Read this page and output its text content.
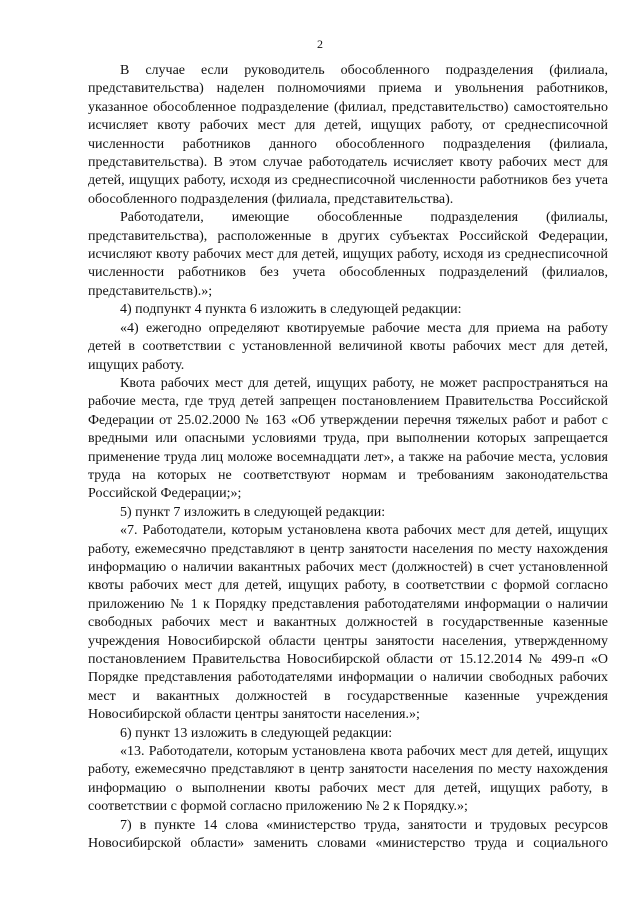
2

В случае если руководитель обособленного подразделения (филиала, представительства) наделен полномочиями приема и увольнения работников, указанное обособленное подразделение (филиал, представительство) самостоятельно исчисляет квоту рабочих мест для детей, ищущих работу, от среднесписочной численности работников данного обособленного подразделения (филиала, представительства). В этом случае работодатель исчисляет квоту рабочих мест для детей, ищущих работу, исходя из среднесписочной численности работников без учета обособленного подразделения (филиала, представительства).

Работодатели, имеющие обособленные подразделения (филиалы, представительства), расположенные в других субъектах Российской Федерации, исчисляют квоту рабочих мест для детей, ищущих работу, исходя из среднесписочной численности работников без учета обособленных подразделений (филиалов, представительств).»;

4) подпункт 4 пункта 6 изложить в следующей редакции:

«4) ежегодно определяют квотируемые рабочие места для приема на работу детей в соответствии с установленной величиной квоты рабочих мест для детей, ищущих работу.

Квота рабочих мест для детей, ищущих работу, не может распространяться на рабочие места, где труд детей запрещен постановлением Правительства Российской Федерации от 25.02.2000 № 163 «Об утверждении перечня тяжелых работ и работ с вредными или опасными условиями труда, при выполнении которых запрещается применение труда лиц моложе восемнадцати лет», а также на рабочие места, условия труда на которых не соответствуют нормам и требованиям законодательства Российской Федерации;»;

5) пункт 7 изложить в следующей редакции:

«7. Работодатели, которым установлена квота рабочих мест для детей, ищущих работу, ежемесячно представляют в центр занятости населения по месту нахождения информацию о наличии вакантных рабочих мест (должностей) в счет установленной квоты рабочих мест для детей, ищущих работу, в соответствии с формой согласно приложению № 1 к Порядку представления работодателями информации о наличии свободных рабочих мест и вакантных должностей в государственные казенные учреждения Новосибирской области центры занятости населения, утвержденному постановлением Правительства Новосибирской области от 15.12.2014 № 499-п «О Порядке представления работодателями информации о наличии свободных рабочих мест и вакантных должностей в государственные казенные учреждения Новосибирской области центры занятости населения.»;

6) пункт 13 изложить в следующей редакции:

«13. Работодатели, которым установлена квота рабочих мест для детей, ищущих работу, ежемесячно представляют в центр занятости населения по месту нахождения информацию о выполнении квоты рабочих мест для детей, ищущих работу, в соответствии с формой согласно приложению № 2 к Порядку.»;

7) в пункте 14 слова «министерство труда, занятости и трудовых ресурсов Новосибирской области» заменить словами «министерство труда и социального
